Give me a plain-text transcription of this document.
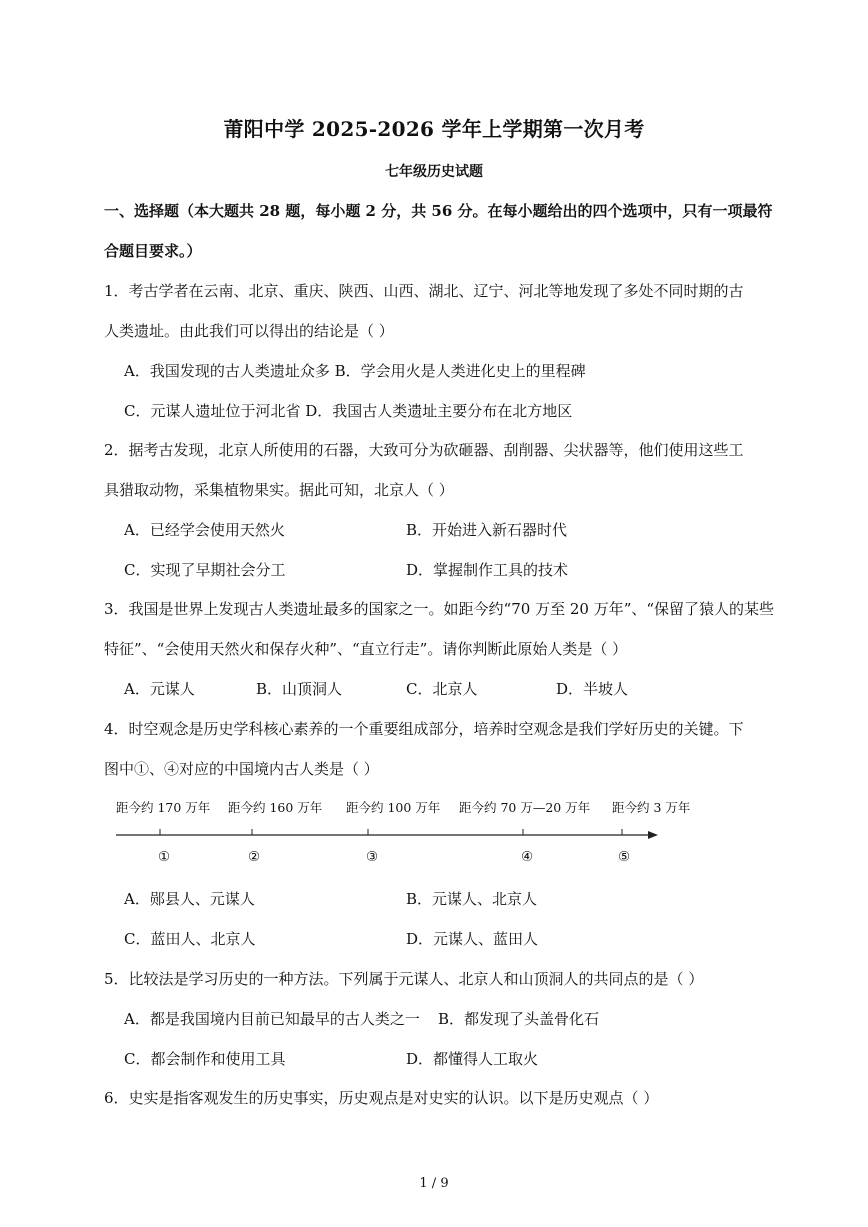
莆阳中学 2025-2026 学年上学期第一次月考
七年级历史试题
一、选择题（本大题共 28 题，每小题 2 分，共 56 分。在每小题给出的四个选项中，只有一项最符
合题目要求。）
1．考古学者在云南、北京、重庆、陕西、山西、湖北、辽宁、河北等地发现了多处不同时期的古
人类遗址。由此我们可以得出的结论是（ ）
A．我国发现的古人类遗址众多 B．学会用火是人类进化史上的里程碑
C．元谋人遗址位于河北省 D．我国古人类遗址主要分布在北方地区
2．据考古发现，北京人所使用的石器，大致可分为砍砸器、刮削器、尖状器等，他们使用这些工
具猎取动物，采集植物果实。据此可知，北京人（ ）
A．已经学会使用天然火	B．开始进入新石器时代
C．实现了早期社会分工	D．掌握制作工具的技术
3．我国是世界上发现古人类遗址最多的国家之一。如距今约“70 万至 20 万年”、“保留了猿人的某些
特征”、“会使用天然火和保存火种”、“直立行走”。请你判断此原始人类是（ ）
A．元谋人	B．山顶洞人	C．北京人	D．半坡人
4．时空观念是历史学科核心素养的一个重要组成部分，培养时空观念是我们学好历史的关键。下
图中①、④对应的中国境内古人类是（ ）
距今约 170 万年 距今约 160 万年 距今约 100 万年 距今约 70 万—20 万年 距今约 3 万年
①	②	③	④	⑤
A．郧县人、元谋人	B．元谋人、北京人
C．蓝田人、北京人	D．元谋人、蓝田人
5．比较法是学习历史的一种方法。下列属于元谋人、北京人和山顶洞人的共同点的是（ ）
A．都是我国境内目前已知最早的古人类之一 B．都发现了头盖骨化石
C．都会制作和使用工具	D．都懂得人工取火
6．史实是指客观发生的历史事实，历史观点是对史实的认识。以下是历史观点（ ）
1 / 9
